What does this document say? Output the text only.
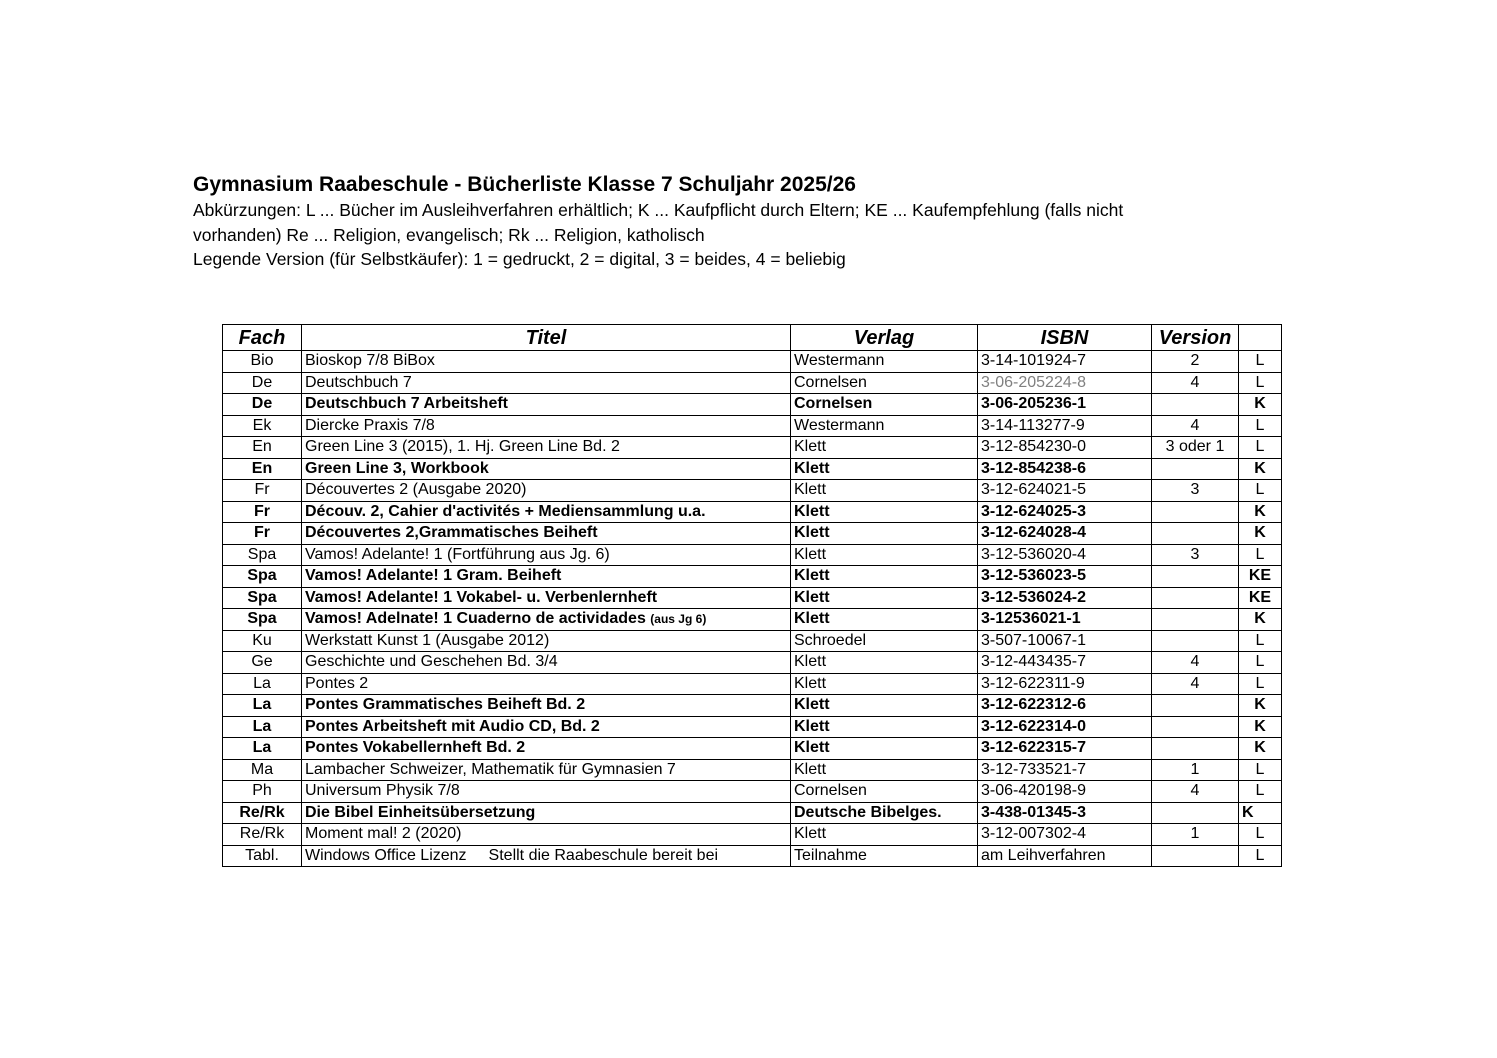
Gymnasium Raabeschule - Bücherliste Klasse 7 Schuljahr 2025/26

Abkürzungen: L ... Bücher im Ausleihverfahren erhältlich; K ... Kaufpflicht durch Eltern; KE ... Kaufempfehlung (falls nicht

vorhanden) Re ... Religion, evangelisch; Rk ... Religion, katholisch

Legende Version (für Selbstkäufer): 1 = gedruckt, 2 = digital, 3 = beides, 4 = beliebig

Fach	Titel	Verlag	ISBN	Version	
Bio	Bioskop 7/8 BiBox	Westermann	3-14-101924-7	2	L
De	Deutschbuch 7	Cornelsen	3-06-205224-8	4	L
De	Deutschbuch 7 Arbeitsheft	Cornelsen	3-06-205236-1		K
Ek	Diercke Praxis 7/8	Westermann	3-14-113277-9	4	L
En	Green Line 3 (2015), 1. Hj. Green Line Bd. 2	Klett	3-12-854230-0	3 oder 1	L
En	Green Line 3, Workbook	Klett	3-12-854238-6		K
Fr	Découvertes 2 (Ausgabe 2020)	Klett	3-12-624021-5	3	L
Fr	Découv. 2, Cahier d'activités + Mediensammlung u.a.	Klett	3-12-624025-3		K
Fr	Découvertes 2,Grammatisches Beiheft	Klett	3-12-624028-4		K
Spa	Vamos! Adelante! 1 (Fortführung aus Jg. 6)	Klett	3-12-536020-4	3	L
Spa	Vamos! Adelante! 1 Gram. Beiheft	Klett	3-12-536023-5		KE
Spa	Vamos! Adelante! 1 Vokabel- u. Verbenlernheft	Klett	3-12-536024-2		KE
Spa	Vamos! Adelnate! 1 Cuaderno de actividades (aus Jg 6)	Klett	3-12536021-1		K
Ku	Werkstatt Kunst 1 (Ausgabe 2012)	Schroedel	3-507-10067-1		L
Ge	Geschichte und Geschehen Bd. 3/4	Klett	3-12-443435-7	4	L
La	Pontes 2	Klett	3-12-622311-9	4	L
La	Pontes Grammatisches Beiheft Bd. 2	Klett	3-12-622312-6		K
La	Pontes Arbeitsheft mit Audio CD, Bd. 2	Klett	3-12-622314-0		K
La	Pontes Vokabellernheft Bd. 2	Klett	3-12-622315-7		K
Ma	Lambacher Schweizer, Mathematik für Gymnasien 7	Klett	3-12-733521-7	1	L
Ph	Universum Physik 7/8	Cornelsen	3-06-420198-9	4	L
Re/Rk	Die Bibel Einheitsübersetzung	Deutsche Bibelges.	3-438-01345-3		K
Re/Rk	Moment mal! 2 (2020)	Klett	3-12-007302-4	1	L
Tabl.	Windows Office Lizenz Stellt die Raabeschule bereit bei	Teilnahme	am Leihverfahren		L
